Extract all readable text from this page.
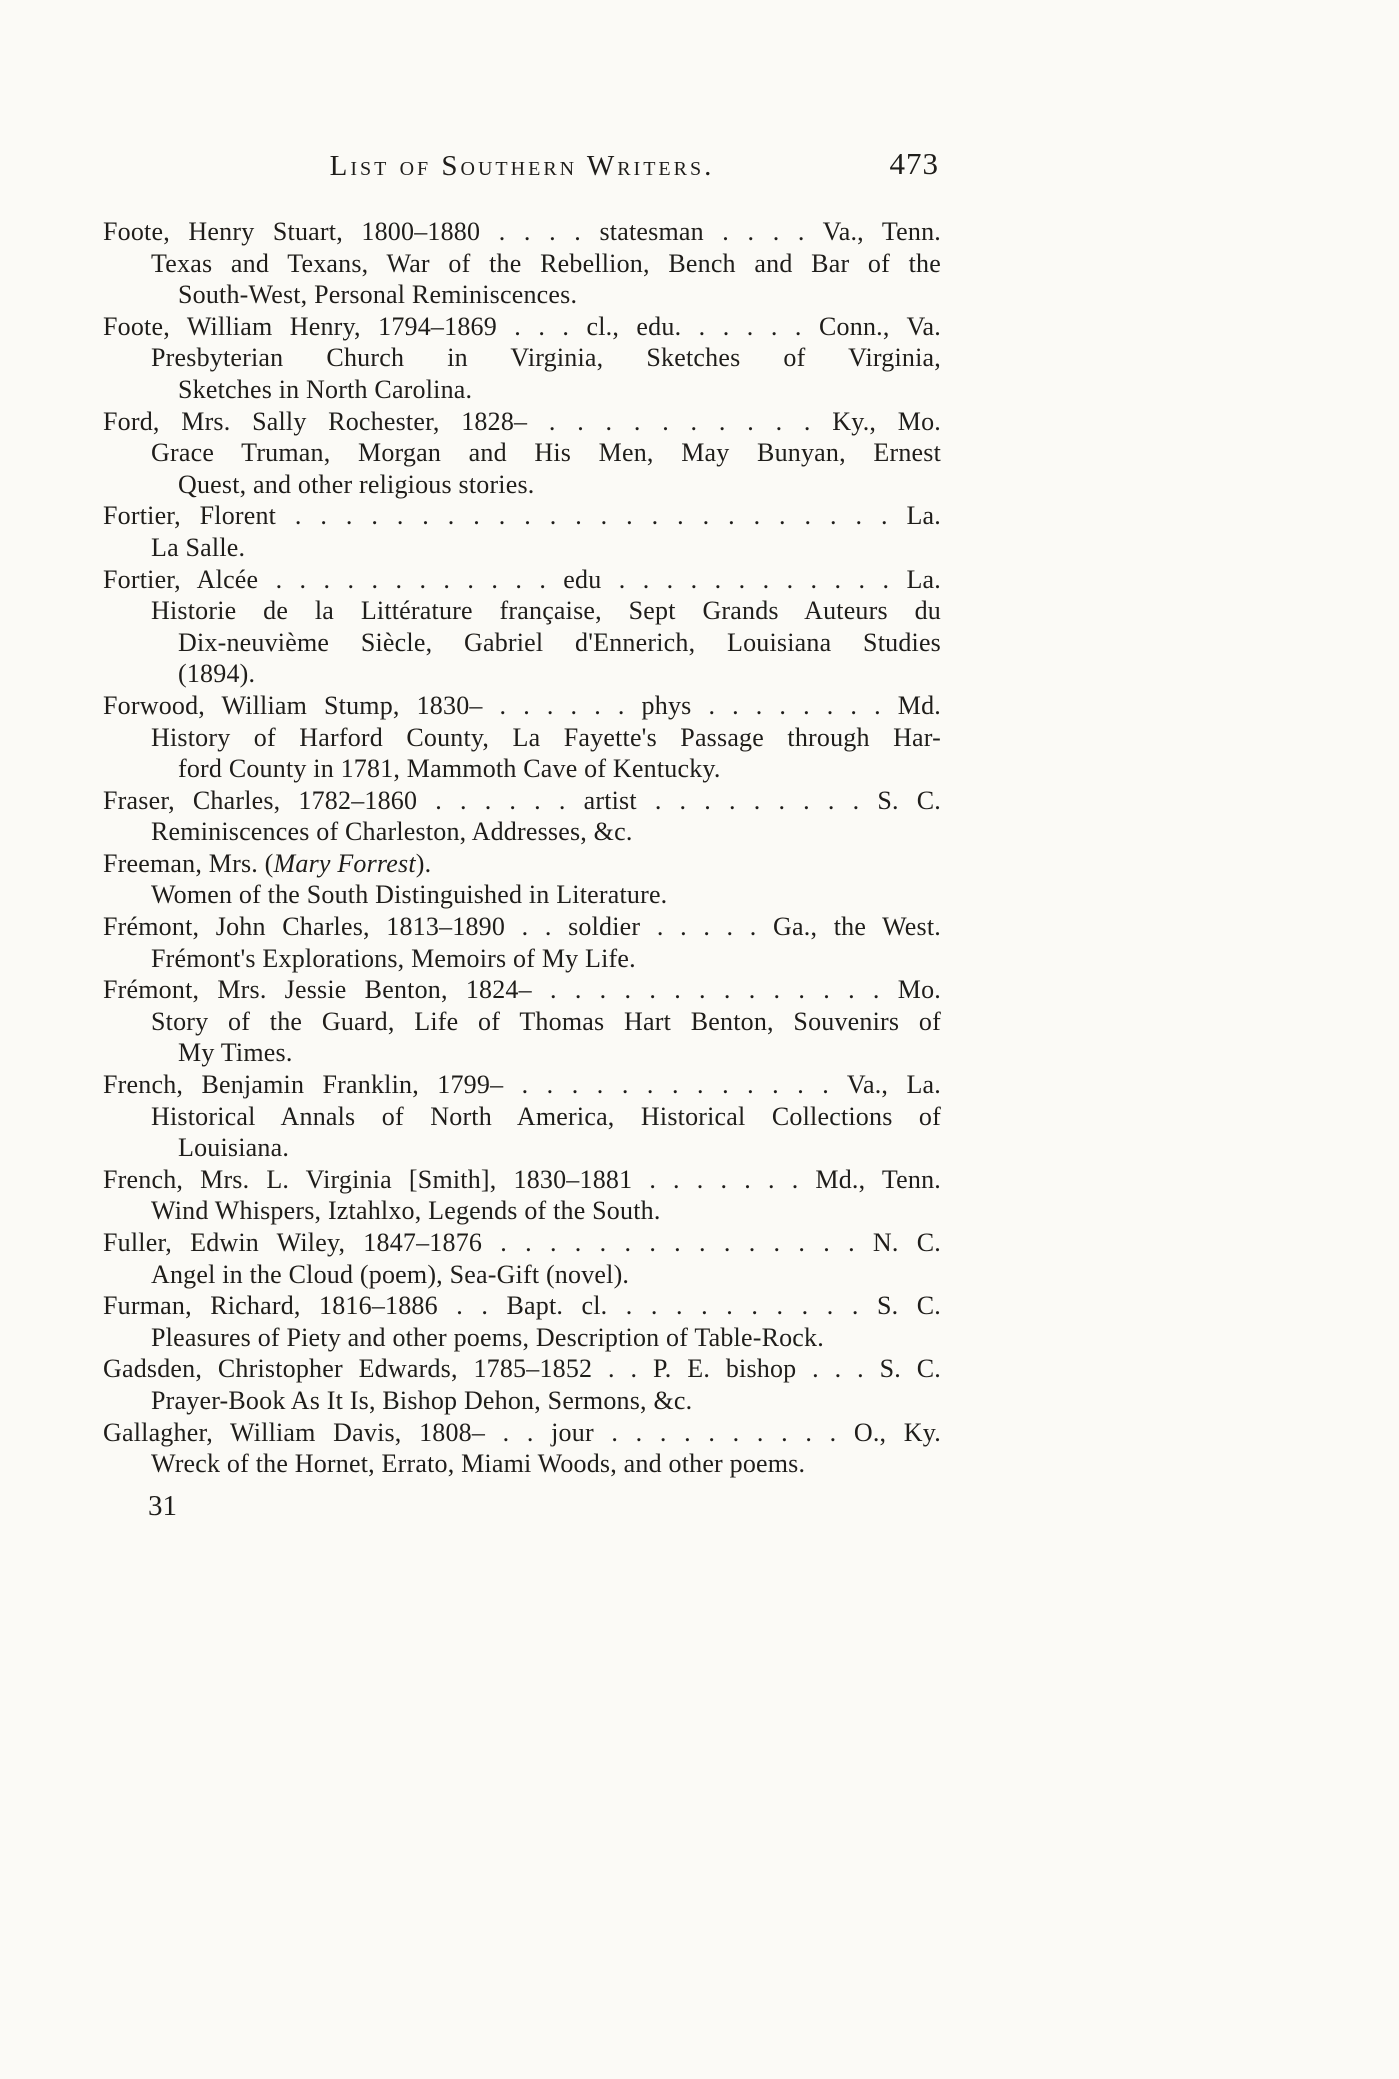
List of Southern Writers.	473
Foote, Henry Stuart, 1800–1880 . . . . statesman . . . . Va., Tenn.
Texas and Texans, War of the Rebellion, Bench and Bar of the
South-West, Personal Reminiscences.
Foote, William Henry, 1794–1869 . . . cl., edu. . . . . . Conn., Va.
Presbyterian Church in Virginia, Sketches of Virginia,
Sketches in North Carolina.
Ford, Mrs. Sally Rochester, 1828– . . . . . . . . . . Ky., Mo.
Grace Truman, Morgan and His Men, May Bunyan, Ernest
Quest, and other religious stories.
Fortier, Florent . . . . . . . . . . . . . . . . . . . . . . . . La.
La Salle.
Fortier, Alcée . . . . . . . . . . . . edu . . . . . . . . . . . . La.
Historie de la Littérature française, Sept Grands Auteurs du
Dix-neuvième Siècle, Gabriel d'Ennerich, Louisiana Studies
(1894).
Forwood, William Stump, 1830– . . . . . . phys . . . . . . . . Md.
History of Harford County, La Fayette's Passage through Har-
ford County in 1781, Mammoth Cave of Kentucky.
Fraser, Charles, 1782–1860 . . . . . . artist . . . . . . . . . S. C.
Reminiscences of Charleston, Addresses, &c.
Freeman, Mrs. (Mary Forrest).
Women of the South Distinguished in Literature.
Frémont, John Charles, 1813–1890 . . soldier . . . . . Ga., the West.
Frémont's Explorations, Memoirs of My Life.
Frémont, Mrs. Jessie Benton, 1824– . . . . . . . . . . . . . . Mo.
Story of the Guard, Life of Thomas Hart Benton, Souvenirs of
My Times.
French, Benjamin Franklin, 1799– . . . . . . . . . . . . . Va., La.
Historical Annals of North America, Historical Collections of
Louisiana.
French, Mrs. L. Virginia [Smith], 1830–1881 . . . . . . . Md., Tenn.
Wind Whispers, Iztahlxo, Legends of the South.
Fuller, Edwin Wiley, 1847–1876 . . . . . . . . . . . . . . . N. C.
Angel in the Cloud (poem), Sea-Gift (novel).
Furman, Richard, 1816–1886 . . Bapt. cl. . . . . . . . . . . S. C.
Pleasures of Piety and other poems, Description of Table-Rock.
Gadsden, Christopher Edwards, 1785–1852 . . P. E. bishop . . . S. C.
Prayer-Book As It Is, Bishop Dehon, Sermons, &c.
Gallagher, William Davis, 1808– . . jour . . . . . . . . . . O., Ky.
Wreck of the Hornet, Errato, Miami Woods, and other poems.
31
